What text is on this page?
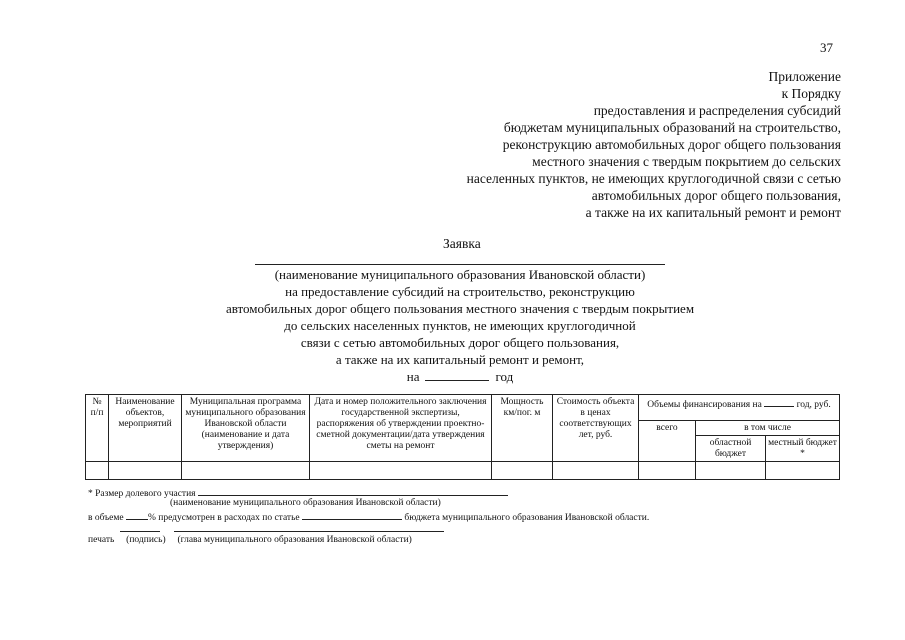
37
Приложение
к Порядку
предоставления и распределения субсидий
бюджетам муниципальных образований на строительство,
реконструкцию автомобильных дорог общего пользования
местного значения с твердым покрытием до сельских
населенных пунктов, не имеющих круглогодичной связи с сетью
автомобильных дорог общего пользования,
а также на их капитальный ремонт и ремонт
Заявка
(наименование муниципального образования Ивановской области)
на предоставление субсидий на строительство, реконструкцию
автомобильных дорог общего пользования местного значения с твердым покрытием
до сельских населенных пунктов, не имеющих круглогодичной
связи с сетью автомобильных дорог общего пользования,
а также на их капитальный ремонт и ремонт,
на	год
№ п/п	Наименование объектов, мероприятий	Муниципальная программа муниципального образования Ивановской области (наименование и дата утверждения)	Дата и номер положительного заключения государственной экспертизы, распоряжения об утверждении проектно-сметной документации/дата утверждения сметы на ремонт	Мощность км/пог. м	Стоимость объекта в ценах соответствующих лет, руб.	Объемы финансирования на год, руб.		
						всего	в том числе	
							областной бюджет	местный бюджет *

* Размер долевого участия
(наименование муниципального образования Ивановской области)
в объеме	% предусмотрен в расходах по статье	бюджета муниципального образования Ивановской области.

печать (подпись) (глава муниципального образования Ивановской области)
